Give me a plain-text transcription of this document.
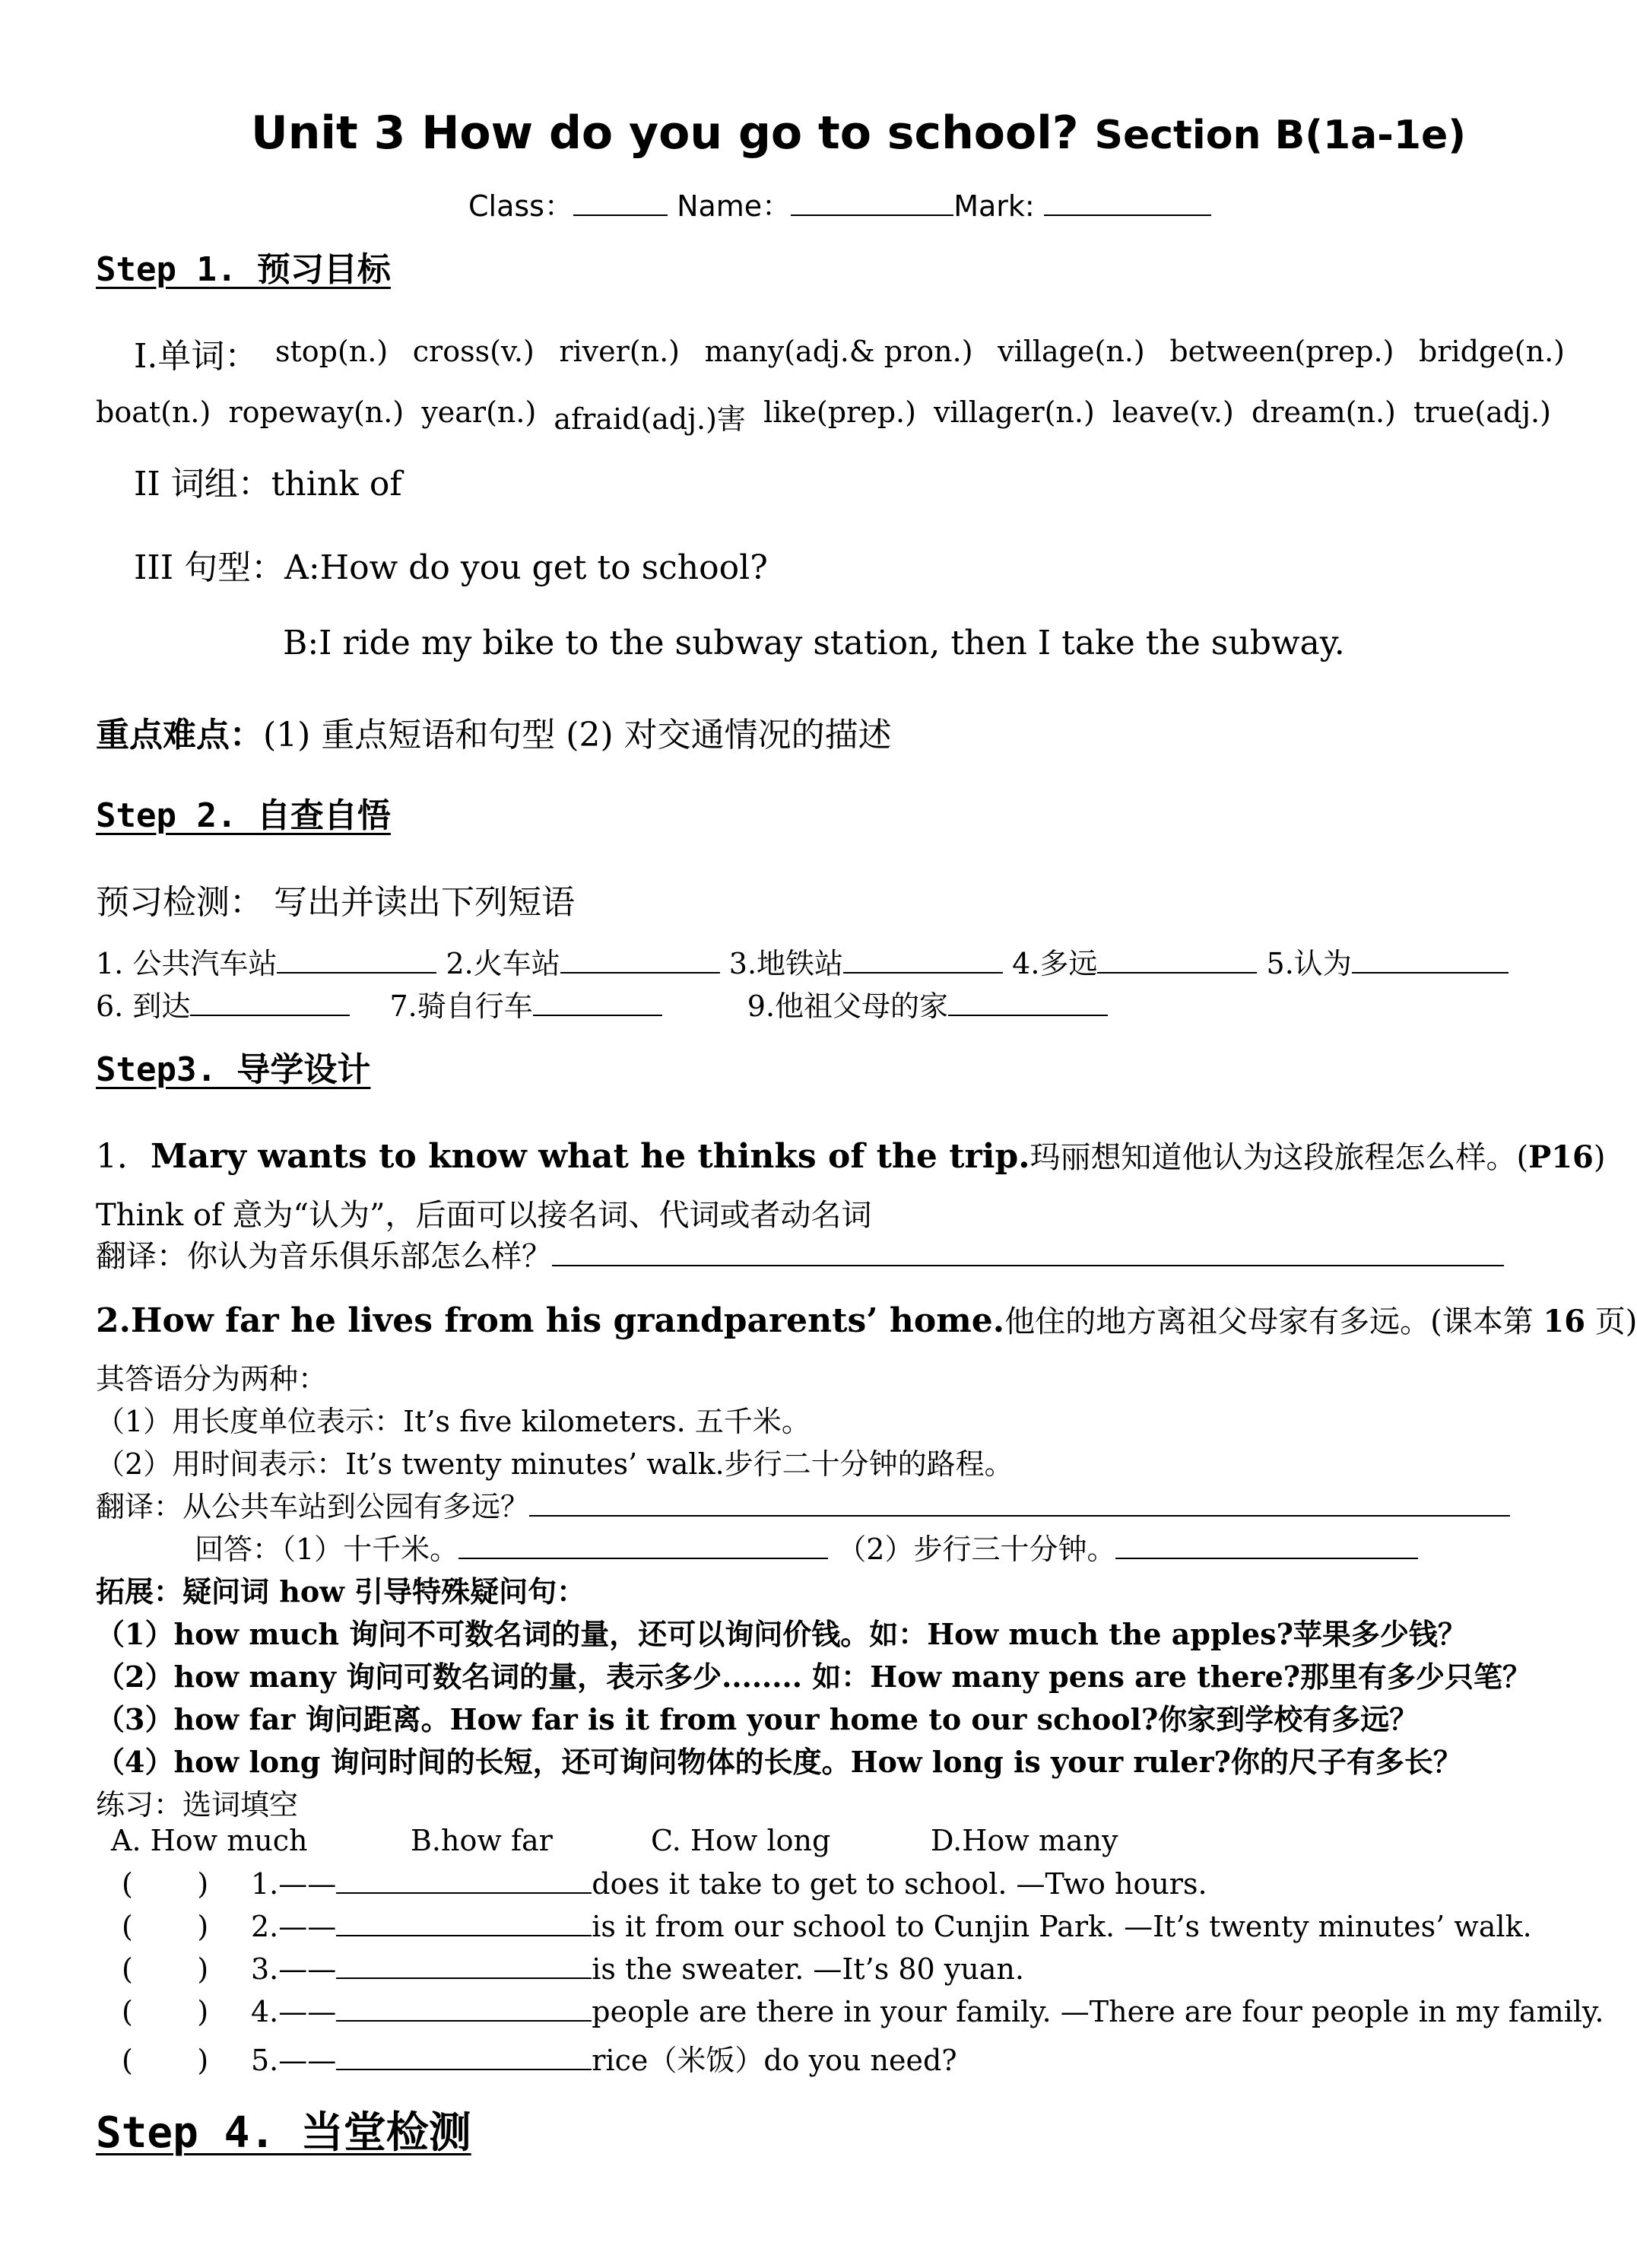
Unit 3 How do you go to school? Section B(1a-1e)
Class：	Name：	Mark:
Step 1. 预习目标
I.单词： stop(n.) cross(v.) river(n.) many(adj.& pron.) village(n.) between(prep.) bridge(n.)
boat(n.) ropeway(n.) year(n.) afraid(adj.)害 like(prep.) villager(n.) leave(v.) dream(n.) true(adj.)
II 词组：think of
III 句型：A:How do you get to school?
B:I ride my bike to the subway station, then I take the subway.
重点难点：(1) 重点短语和句型 (2) 对交通情况的描述
Step 2. 自查自悟
预习检测： 写出并读出下列短语
1. 公共汽车站	2.火车站	3.地铁站	4.多远	5.认为
6. 到达	7.骑自行车	9.他祖父母的家
Step3. 导学设计
1．Mary wants to know what he thinks of the trip.玛丽想知道他认为这段旅程怎么样。(P16)
Think of 意为“认为”，后面可以接名词、代词或者动名词
翻译：你认为音乐俱乐部怎么样？
2.How far he lives from his grandparents’ home.他住的地方离祖父母家有多远。(课本第 16 页)
其答语分为两种：
（1）用长度单位表示：It’s five kilometers. 五千米。
（2）用时间表示：It’s twenty minutes’ walk.步行二十分钟的路程。
翻译：从公共车站到公园有多远？
回答：（1）十千米。	（2）步行三十分钟。
拓展：疑问词 how 引导特殊疑问句：
（1）how much 询问不可数名词的量，还可以询问价钱。如：How much the apples?苹果多少钱？
（2）how many 询问可数名词的量，表示多少........ 如：How many pens are there?那里有多少只笔？
（3）how far 询问距离。How far is it from your home to our school?你家到学校有多远？
（4）how long 询问时间的长短，还可询问物体的长度。How long is your ruler?你的尺子有多长？
练习：选词填空
A. How much	B.how far	C. How long	D.How many
(       ) 1.——	does it take to get to school. —Two hours.
(       ) 2.——	is it from our school to Cunjin Park. —It’s twenty minutes’ walk.
(       ) 3.——	is the sweater. —It’s 80 yuan.
(       ) 4.——	people are there in your family. —There are four people in my family.
(       ) 5.——	rice（米饭）do you need?
Step 4. 当堂检测
